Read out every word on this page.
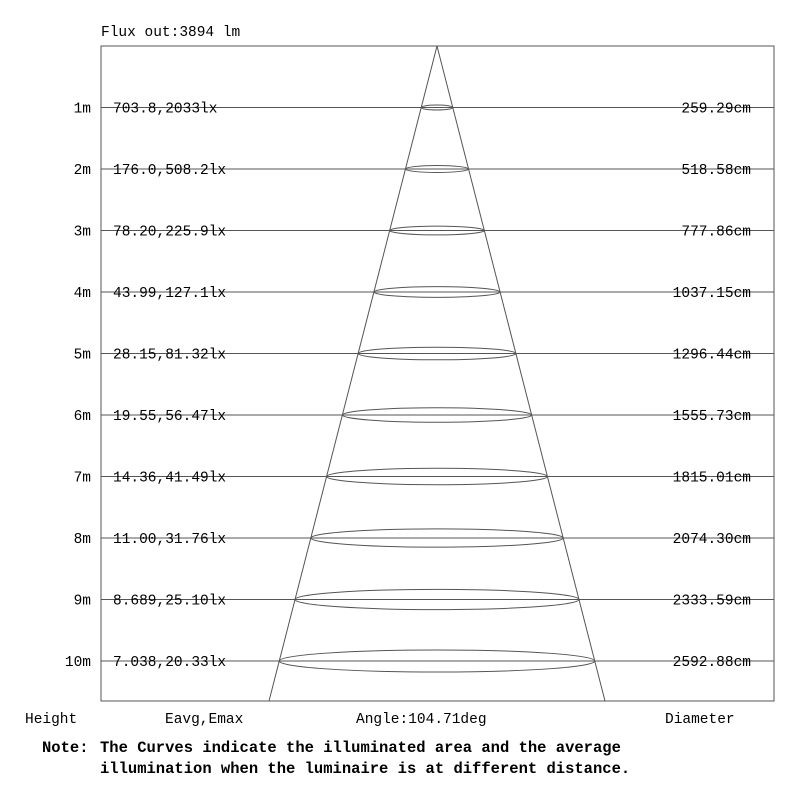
Flux out:3894 lm
1m 703.8,2033lx	259.29cm
2m 176.0,508.2lx	518.58cm
3m 78.20,225.9lx	777.86cm
4m 43.99,127.1lx	1037.15cm
5m 28.15,81.32lx	1296.44cm
6m 19.55,56.47lx	1555.73cm
7m 14.36,41.49lx	1815.01cm
8m 11.00,31.76lx	2074.30cm
9m 8.689,25.10lx	2333.59cm
10m 7.038,20.33lx	2592.88cm
Height	Eavg,Emax	Angle:104.71deg	Diameter
Note: The Curves indicate the illuminated area and the average
illumination when the luminaire is at different distance.
